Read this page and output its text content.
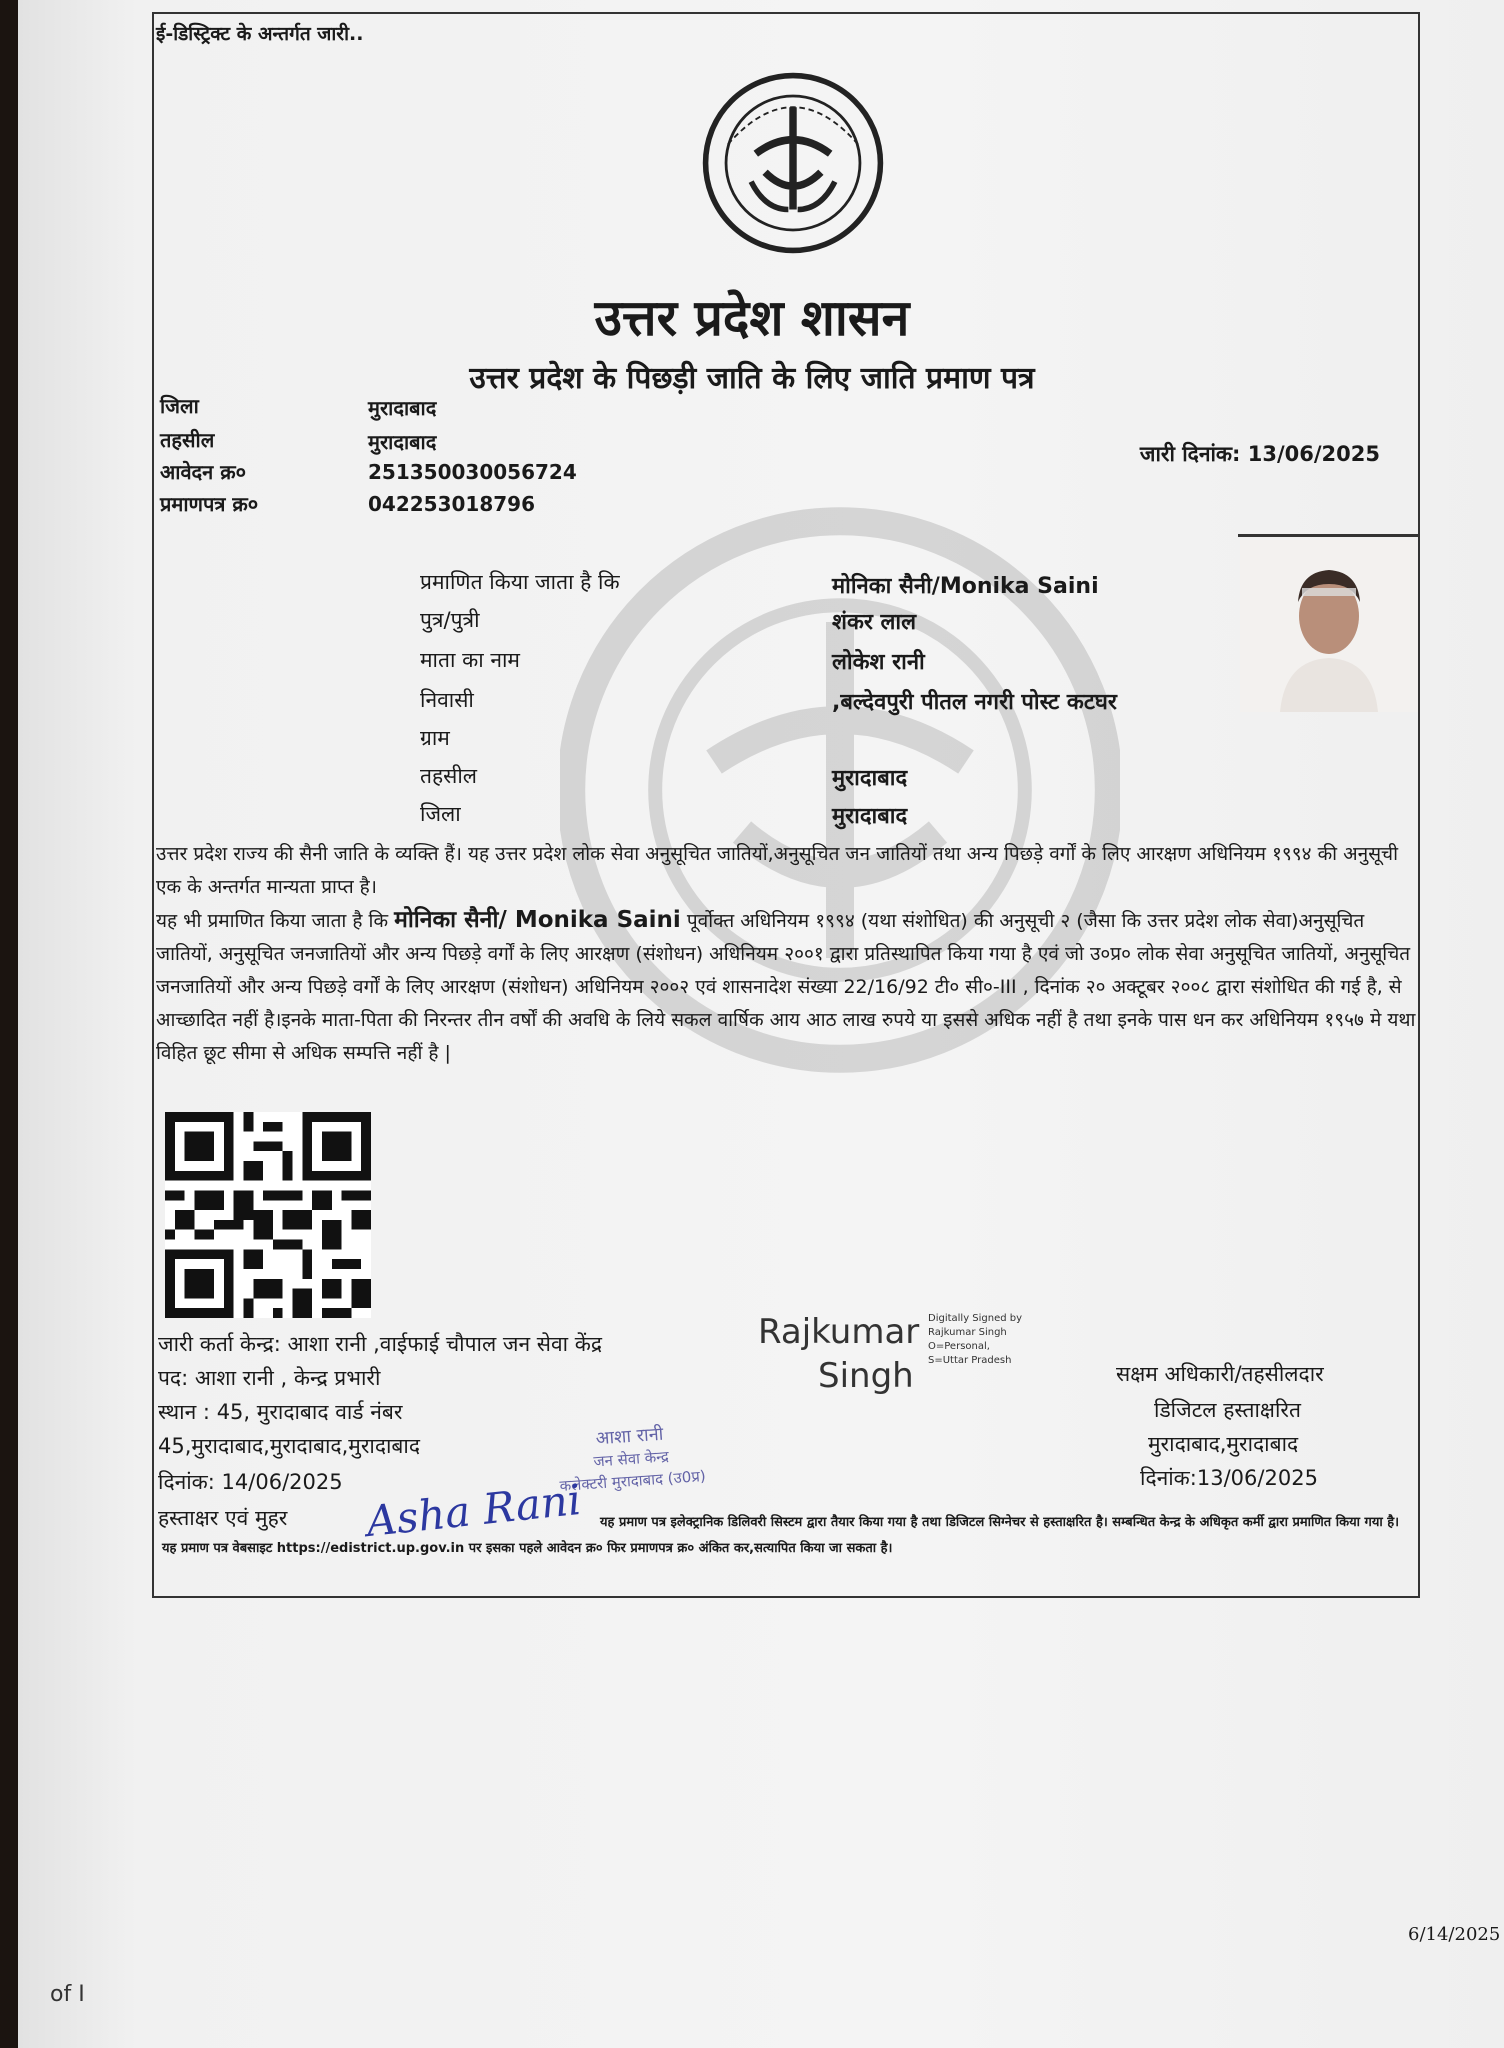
ई-डिस्ट्रिक्ट के अन्तर्गत जारी..
उत्तर प्रदेश शासन
उत्तर प्रदेश के पिछड़ी जाति के लिए जाति प्रमाण पत्र
जिला	मुरादाबाद
तहसील	मुरादाबाद
आवेदन क्र०	251350030056724
प्रमाणपत्र क्र०	042253018796
जारी दिनांक: 13/06/2025
प्रमाणित किया जाता है कि	मोनिका सैनी/Monika Saini
पुत्र/पुत्री	शंकर लाल
माता का नाम	लोकेश रानी
निवासी	,बल्देवपुरी पीतल नगरी पोस्ट कटघर
ग्राम
तहसील	मुरादाबाद
जिला	मुरादाबाद
उत्तर प्रदेश राज्य की सैनी जाति के व्यक्ति हैं। यह उत्तर प्रदेश लोक सेवा अनुसूचित जातियों,अनुसूचित जन जातियों तथा अन्य पिछड़े वर्गों के लिए आरक्षण अधिनियम १९९४ की अनुसूची एक के अन्तर्गत मान्यता प्राप्त है।
यह भी प्रमाणित किया जाता है कि मोनिका सैनी/ Monika Saini पूर्वोक्त अधिनियम १९९४ (यथा संशोधित) की अनुसूची २ (जैसा कि उत्तर प्रदेश लोक सेवा)अनुसूचित जातियों, अनुसूचित जनजातियों और अन्य पिछड़े वर्गों के लिए आरक्षण (संशोधन) अधिनियम २००१ द्वारा प्रतिस्थापित किया गया है एवं जो उ०प्र० लोक सेवा अनुसूचित जातियों, अनुसूचित जनजातियों और अन्य पिछड़े वर्गों के लिए आरक्षण (संशोधन) अधिनियम २००२ एवं शासनादेश संख्या 22/16/92 टी० सी०-III , दिनांक २० अक्टूबर २००८ द्वारा संशोधित की गई है, से आच्छादित नहीं है।इनके माता-पिता की निरन्तर तीन वर्षों की अवधि के लिये सकल वार्षिक आय आठ लाख रुपये या इससे अधिक नहीं है तथा इनके पास धन कर अधिनियम १९५७ मे यथा विहित छूट सीमा से अधिक सम्पत्ति नहीं है |
जारी कर्ता केन्द्र: आशा रानी ,वाईफाई चौपाल जन सेवा केंद्र
पद: आशा रानी , केन्द्र प्रभारी
स्थान : 45, मुरादाबाद वार्ड नंबर
45,मुरादाबाद,मुरादाबाद,मुरादाबाद
दिनांक: 14/06/2025
हस्ताक्षर एवं मुहर
Rajkumar
Singh
Digitally Signed by
Rajkumar Singh
O=Personal,
S=Uttar Pradesh
सक्षम अधिकारी/तहसीलदार
डिजिटल हस्ताक्षरित
मुरादाबाद,मुरादाबाद
दिनांक:13/06/2025
आशा रानी
जन सेवा केन्द्र
कलेक्टरी मुरादाबाद (उ0प्र)
Asha Rani यह प्रमाण पत्र इलेक्ट्रानिक डिलिवरी सिस्टम द्वारा तैयार किया गया है तथा डिजिटल सिग्नेचर से हस्ताक्षरित है। सम्बन्धित केन्द्र के अधिकृत कर्मी द्वारा प्रमाणित किया गया है।
यह प्रमाण पत्र वेबसाइट https://edistrict.up.gov.in पर इसका पहले आवेदन क्र० फिर प्रमाणपत्र क्र० अंकित कर,सत्यापित किया जा सकता है।
6/14/2025
of I
